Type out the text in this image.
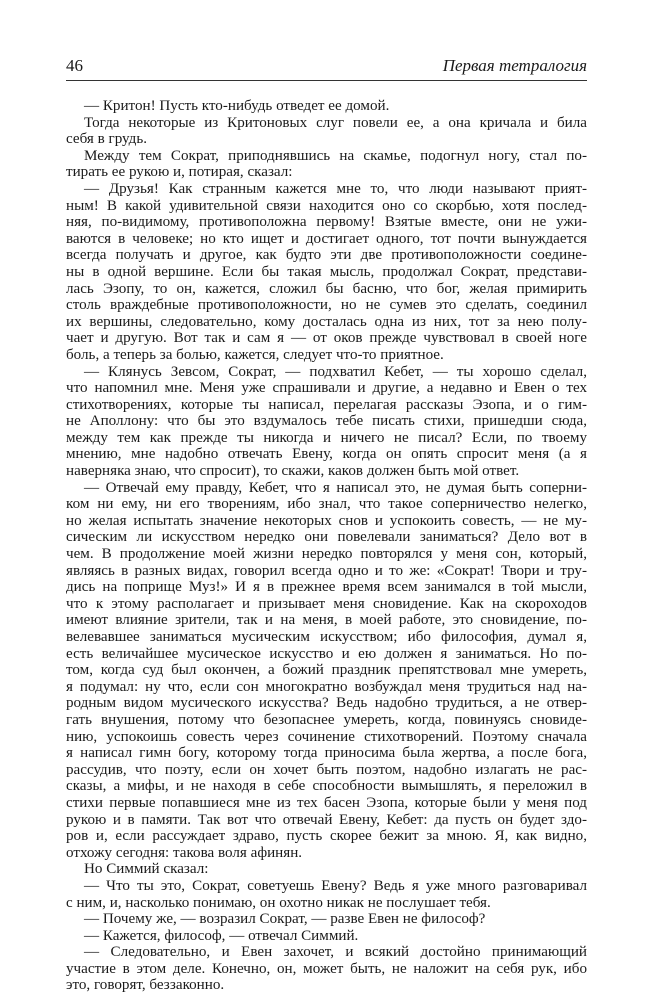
46	Первая тетралогия
— Критон! Пусть кто-нибудь отведет ее домой.
Тогда некоторые из Критоновых слуг повели ее, а она кричала и била
себя в грудь.
Между тем Сократ, приподнявшись на скамье, подогнул ногу, стал по-
тирать ее рукою и, потирая, сказал:
— Друзья! Как странным кажется мне то, что люди называют прият-
ным! В какой удивительной связи находится оно со скорбью, хотя послед-
няя, по-видимому, противоположна первому! Взятые вместе, они не ужи-
ваются в человеке; но кто ищет и достигает одного, тот почти вынуждается
всегда получать и другое, как будто эти две противоположности соедине-
ны в одной вершине. Если бы такая мысль, продолжал Сократ, представи-
лась Эзопу, то он, кажется, сложил бы басню, что бог, желая примирить
столь враждебные противоположности, но не сумев это сделать, соединил
их вершины, следовательно, кому досталась одна из них, тот за нею полу-
чает и другую. Вот так и сам я — от оков прежде чувствовал в своей ноге
боль, а теперь за болью, кажется, следует что-то приятное.
— Клянусь Зевсом, Сократ, — подхватил Кебет, — ты хорошо сделал,
что напомнил мне. Меня уже спрашивали и другие, а недавно и Евен о тех
стихотворениях, которые ты написал, перелагая рассказы Эзопа, и о гим-
не Аполлону: что бы это вздумалось тебе писать стихи, пришедши сюда,
между тем как прежде ты никогда и ничего не писал? Если, по твоему
мнению, мне надобно отвечать Евену, когда он опять спросит меня (а я
наверняка знаю, что спросит), то скажи, каков должен быть мой ответ.
— Отвечай ему правду, Кебет, что я написал это, не думая быть соперни-
ком ни ему, ни его творениям, ибо знал, что такое соперничество нелегко,
но желая испытать значение некоторых снов и успокоить совесть, — не му-
сическим ли искусством нередко они повелевали заниматься? Дело вот в
чем. В продолжение моей жизни нередко повторялся у меня сон, который,
являясь в разных видах, говорил всегда одно и то же: «Сократ! Твори и тру-
дись на поприще Муз!» И я в прежнее время всем занимался в той мысли,
что к этому располагает и призывает меня сновидение. Как на скороходов
имеют влияние зрители, так и на меня, в моей работе, это сновидение, по-
велевавшее заниматься мусическим искусством; ибо философия, думал я,
есть величайшее мусическое искусство и ею должен я заниматься. Но по-
том, когда суд был окончен, а божий праздник препятствовал мне умереть,
я подумал: ну что, если сон многократно возбуждал меня трудиться над на-
родным видом мусического искусства? Ведь надобно трудиться, а не отвер-
гать внушения, потому что безопаснее умереть, когда, повинуясь сновиде-
нию, успокоишь совесть через сочинение стихотворений. Поэтому сначала
я написал гимн богу, которому тогда приносима была жертва, а после бога,
рассудив, что поэту, если он хочет быть поэтом, надобно излагать не рас-
сказы, а мифы, и не находя в себе способности вымышлять, я переложил в
стихи первые попавшиеся мне из тех басен Эзопа, которые были у меня под
рукою и в памяти. Так вот что отвечай Евену, Кебет: да пусть он будет здо-
ров и, если рассуждает здраво, пусть скорее бежит за мною. Я, как видно,
отхожу сегодня: такова воля афинян.
Но Симмий сказал:
— Что ты это, Сократ, советуешь Евену? Ведь я уже много разговаривал
с ним, и, насколько понимаю, он охотно никак не послушает тебя.
— Почему же, — возразил Сократ, — разве Евен не философ?
— Кажется, философ, — отвечал Симмий.
— Следовательно, и Евен захочет, и всякий достойно принимающий
участие в этом деле. Конечно, он, может быть, не наложит на себя рук, ибо
это, говорят, беззаконно.
